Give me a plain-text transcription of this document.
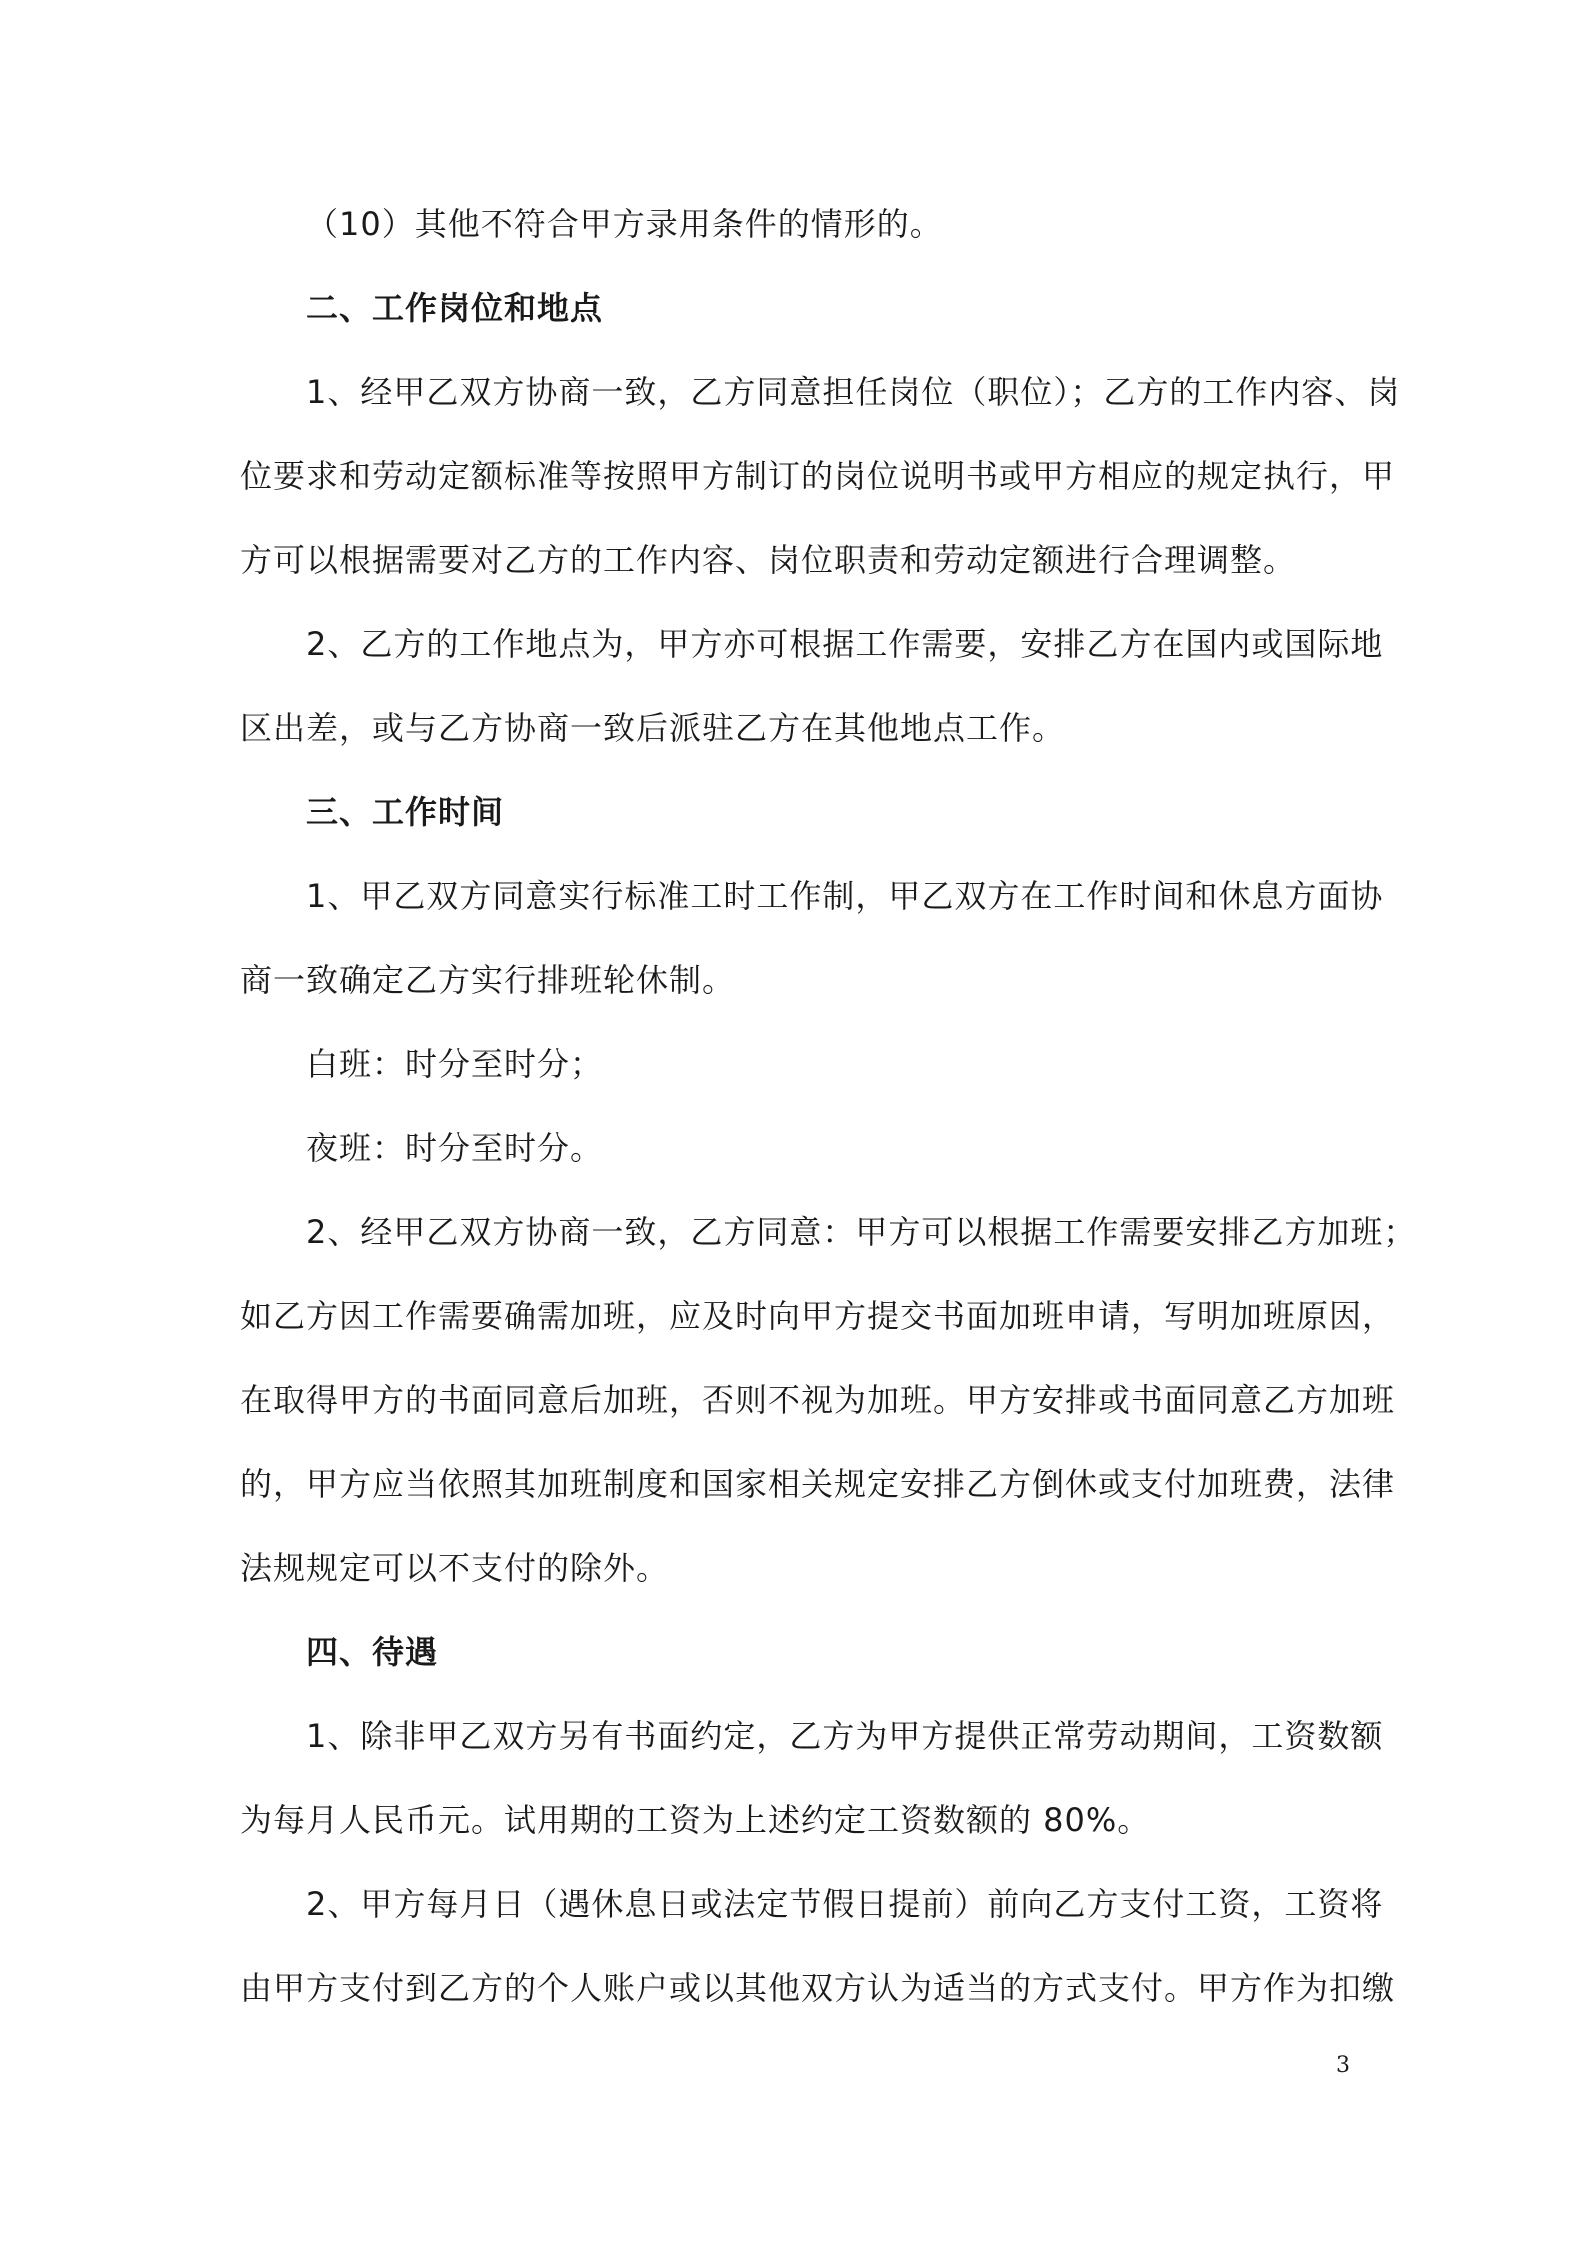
（10）其他不符合甲方录用条件的情形的。
二、工作岗位和地点
1、经甲乙双方协商一致，乙方同意担任岗位（职位）；乙方的工作内容、岗
位要求和劳动定额标准等按照甲方制订的岗位说明书或甲方相应的规定执行，甲
方可以根据需要对乙方的工作内容、岗位职责和劳动定额进行合理调整。
2、乙方的工作地点为，甲方亦可根据工作需要，安排乙方在国内或国际地
区出差，或与乙方协商一致后派驻乙方在其他地点工作。
三、工作时间
1、甲乙双方同意实行标准工时工作制，甲乙双方在工作时间和休息方面协
商一致确定乙方实行排班轮休制。
白班：时分至时分；
夜班：时分至时分。
2、经甲乙双方协商一致，乙方同意：甲方可以根据工作需要安排乙方加班；
如乙方因工作需要确需加班，应及时向甲方提交书面加班申请，写明加班原因，
在取得甲方的书面同意后加班，否则不视为加班。甲方安排或书面同意乙方加班
的，甲方应当依照其加班制度和国家相关规定安排乙方倒休或支付加班费，法律
法规规定可以不支付的除外。
四、待遇
1、除非甲乙双方另有书面约定，乙方为甲方提供正常劳动期间，工资数额
为每月人民币元。试用期的工资为上述约定工资数额的 80%。
2、甲方每月日（遇休息日或法定节假日提前）前向乙方支付工资，工资将
由甲方支付到乙方的个人账户或以其他双方认为适当的方式支付。甲方作为扣缴
3
